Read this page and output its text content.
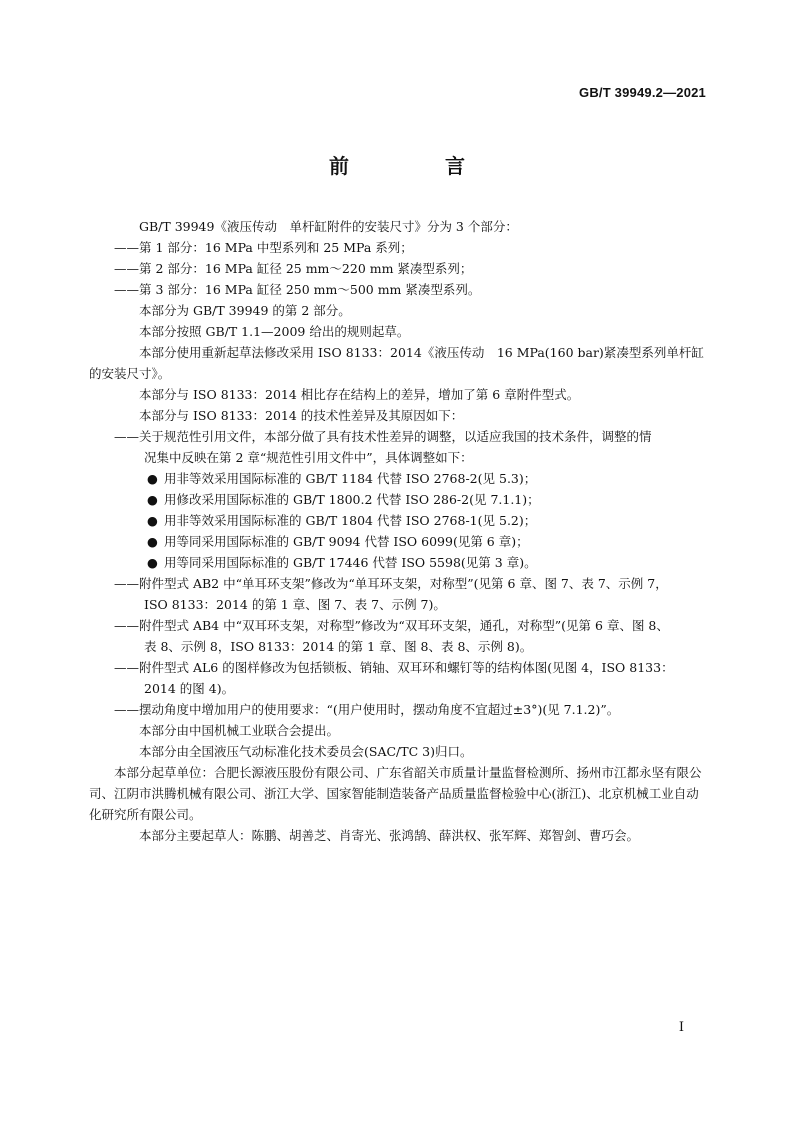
GB/T 39949.2—2021
前　言

GB/T 39949《液压传动　单杆缸附件的安装尺寸》分为 3 个部分：

——第 1 部分：16 MPa 中型系列和 25 MPa 系列；

——第 2 部分：16 MPa 缸径 25 mm～220 mm 紧凑型系列；

——第 3 部分：16 MPa 缸径 250 mm～500 mm 紧凑型系列。

本部分为 GB/T 39949 的第 2 部分。

本部分按照 GB/T 1.1—2009 给出的规则起草。

本部分使用重新起草法修改采用 ISO 8133：2014《液压传动　16 MPa(160 bar)紧凑型系列单杆缸

的安装尺寸》。

本部分与 ISO 8133：2014 相比存在结构上的差异，增加了第 6 章附件型式。

本部分与 ISO 8133：2014 的技术性差异及其原因如下：

——关于规范性引用文件，本部分做了具有技术性差异的调整，以适应我国的技术条件，调整的情

况集中反映在第 2 章“规范性引用文件中”，具体调整如下：

● 用非等效采用国际标准的 GB/T 1184 代替 ISO 2768-2(见 5.3)；
● 用修改采用国际标准的 GB/T 1800.2 代替 ISO 286-2(见 7.1.1)；
● 用非等效采用国际标准的 GB/T 1804 代替 ISO 2768-1(见 5.2)；
● 用等同采用国际标准的 GB/T 9094 代替 ISO 6099(见第 6 章)；
● 用等同采用国际标准的 GB/T 17446 代替 ISO 5598(见第 3 章)。

——附件型式 AB2 中“单耳环支架”修改为“单耳环支架，对称型”(见第 6 章、图 7、表 7、示例 7，

ISO 8133：2014 的第 1 章、图 7、表 7、示例 7)。

——附件型式 AB4 中“双耳环支架，对称型”修改为“双耳环支架，通孔，对称型”(见第 6 章、图 8、

表 8、示例 8，ISO 8133：2014 的第 1 章、图 8、表 8、示例 8)。

——附件型式 AL6 的图样修改为包括锁板、销轴、双耳环和螺钉等的结构体图(见图 4，ISO 8133：

2014 的图 4)。

——摆动角度中增加用户的使用要求：“(用户使用时，摆动角度不宜超过±3°)(见 7.1.2)”。

本部分由中国机械工业联合会提出。

本部分由全国液压气动标准化技术委员会(SAC/TC 3)归口。

本部分起草单位：合肥长源液压股份有限公司、广东省韶关市质量计量监督检测所、扬州市江都永坚有限公司、江阴市洪腾机械有限公司、浙江大学、国家智能制造装备产品质量监督检验中心(浙江)、北京机械工业自动化研究所有限公司。

本部分主要起草人：陈鹏、胡善芝、肖寄光、张鸿鹄、薛洪权、张军辉、郑智剑、曹巧会。

I
